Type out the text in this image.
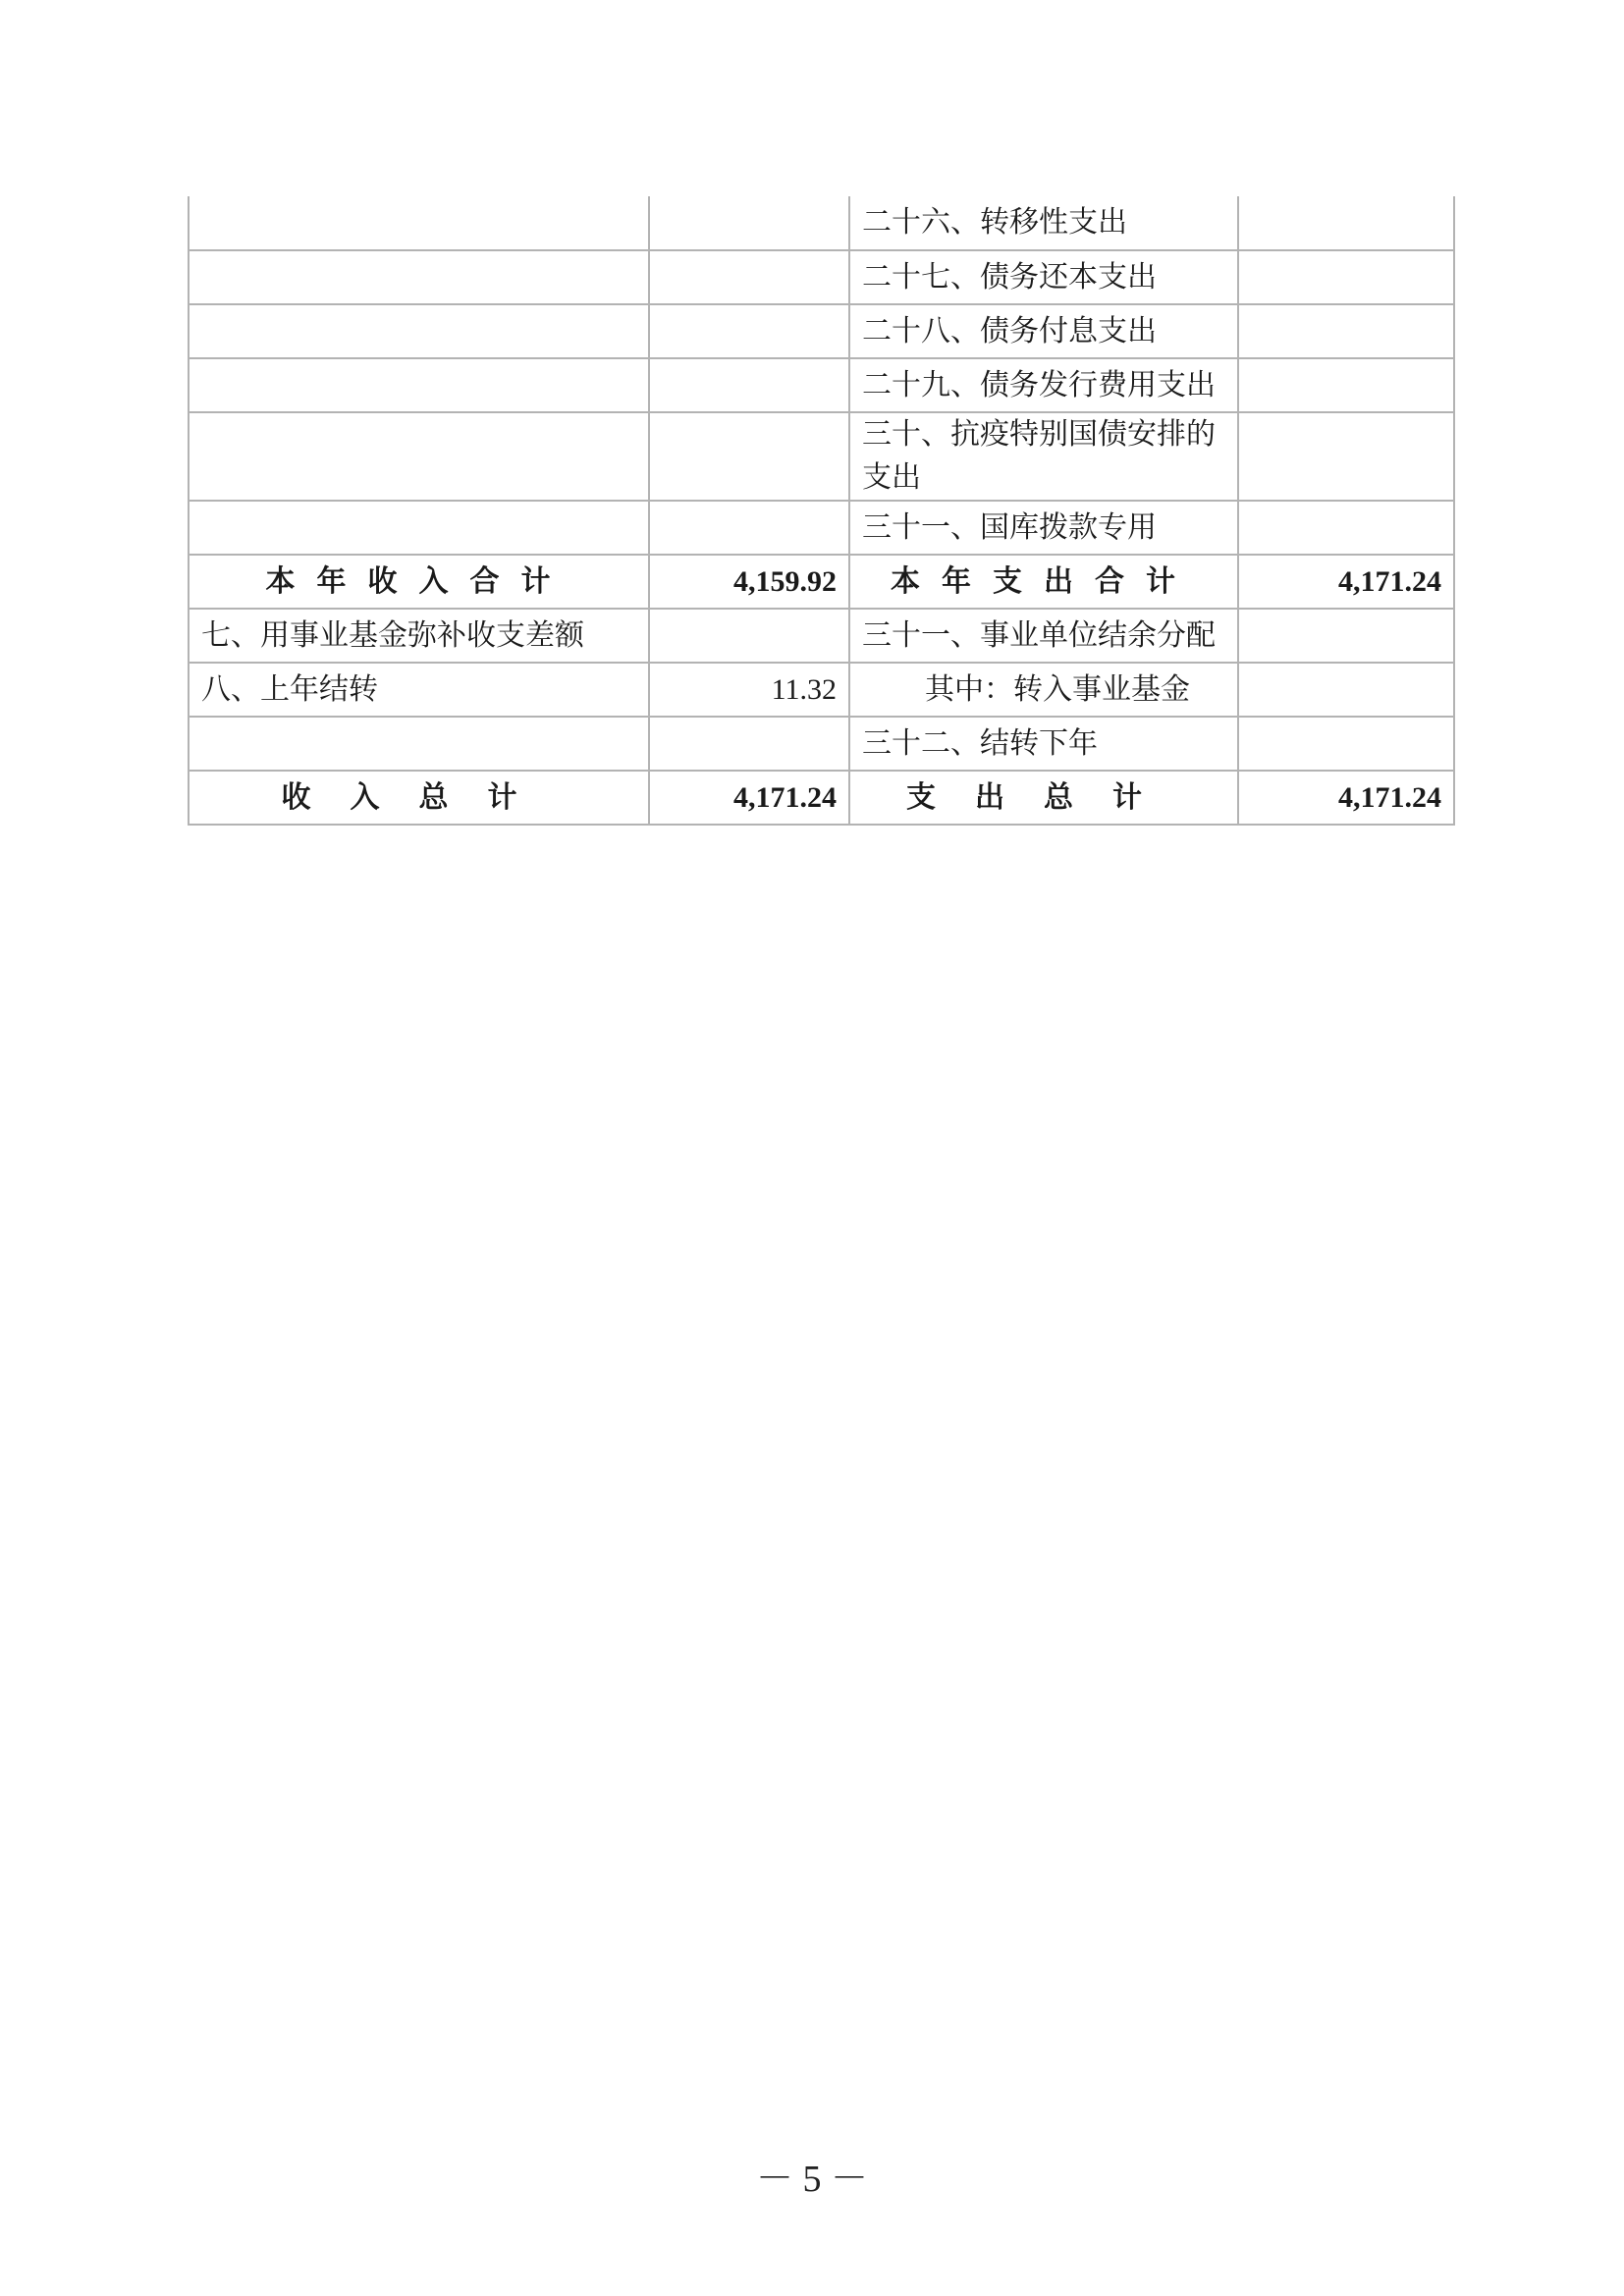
		二十六、转移性支出	
		二十七、债务还本支出	
		二十八、债务付息支出	
		二十九、债务发行费用支出	
		三十、抗疫特别国债安排的支出	
		三十一、国库拨款专用	
本年收入合计	4,159.92	本年支出合计	4,171.24
七、用事业基金弥补收支差额		三十一、事业单位结余分配	
八、上年结转	11.32	其中：转入事业基金	
		三十二、结转下年	
收入总计	4,171.24	支出总计	4,171.24
－ 5 －
